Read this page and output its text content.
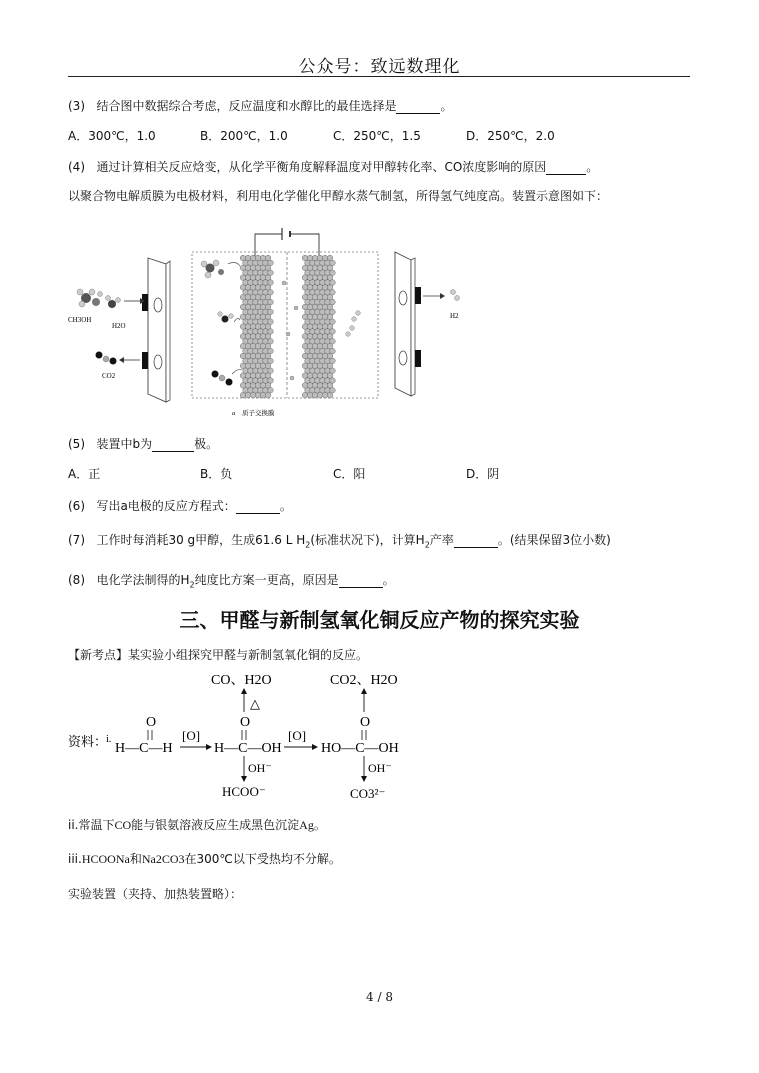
公众号：致远数理化
(3) 结合图中数据综合考虑，反应温度和水醇比的最佳选择是	。
A．300℃，1.0	B．200℃，1.0	C．250℃，1.5	D．250℃，2.0
(4) 通过计算相关反应焓变，从化学平衡角度解释温度对甲醇转化率、CO浓度影响的原因	。
以聚合物电解质膜为电极材料，利用电化学催化甲醇水蒸气制氢，所得氢气纯度高。装置示意图如下：
CH3OH
H2O
CO2
H2
a 质子交换膜
(5) 装置中b为	极。
A．正	B．负	C．阳	D．阴
(6) 写出a电极的反应方程式：	。
(7) 工作时每消耗30 g甲醇，生成61.6 L $H_2$(标准状况下)，计算$H_2$产率	。(结果保留3位小数)
(8) 电化学法制得的$H_2$纯度比方案一更高，原因是	。
三、甲醛与新制氢氧化铜反应产物的探究实验
【新考点】某实验小组探究甲醛与新制氢氧化铜的反应。
资料：
i.
O
H—C—H
[O]
O
H—C—OH
△
CO、H2O
OH⁻
HCOO⁻
[O]
O
HO—C—OH
CO2、H2O
OH⁻
CO3²⁻
ii.常温下CO能与银氨溶液反应生成黑色沉淀Ag。
iii.HCOONa和Na2CO3在300℃以下受热均不分解。
实验装置（夹持、加热装置略）：
4 / 8
